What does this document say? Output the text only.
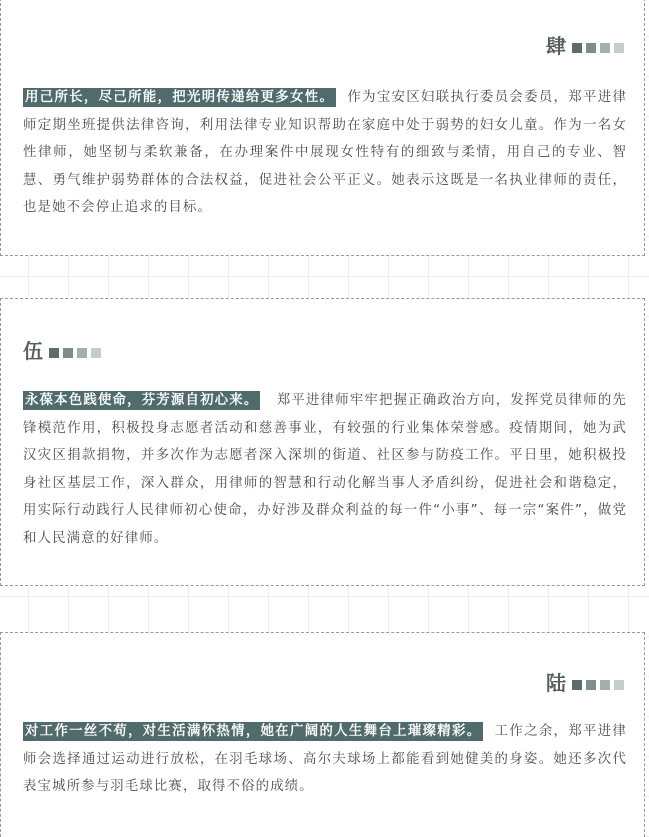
肆

用己所长，尽己所能，把光明传递给更多女性。 作为宝安区妇联执行委员会委员，郑平进律师定期坐班提供法律咨询，利用法律专业知识帮助在家庭中处于弱势的妇女儿童。作为一名女性律师，她坚韧与柔软兼备，在办理案件中展现女性特有的细致与柔情，用自己的专业、智慧、勇气维护弱势群体的合法权益，促进社会公平正义。她表示这既是一名执业律师的责任，也是她不会停止追求的目标。

伍

永葆本色践使命，芬芳源自初心来。 郑平进律师牢牢把握正确政治方向，发挥党员律师的先锋模范作用，积极投身志愿者活动和慈善事业，有较强的行业集体荣誉感。疫情期间，她为武汉灾区捐款捐物，并多次作为志愿者深入深圳的街道、社区参与防疫工作。平日里，她积极投身社区基层工作，深入群众，用律师的智慧和行动化解当事人矛盾纠纷，促进社会和谐稳定，用实际行动践行人民律师初心使命，办好涉及群众利益的每一件“小事”、每一宗“案件”，做党和人民满意的好律师。

陆

对工作一丝不苟，对生活满怀热情，她在广阔的人生舞台上璀璨精彩。 工作之余，郑平进律师会选择通过运动进行放松，在羽毛球场、高尔夫球场上都能看到她健美的身姿。她还多次代表宝城所参与羽毛球比赛，取得不俗的成绩。
